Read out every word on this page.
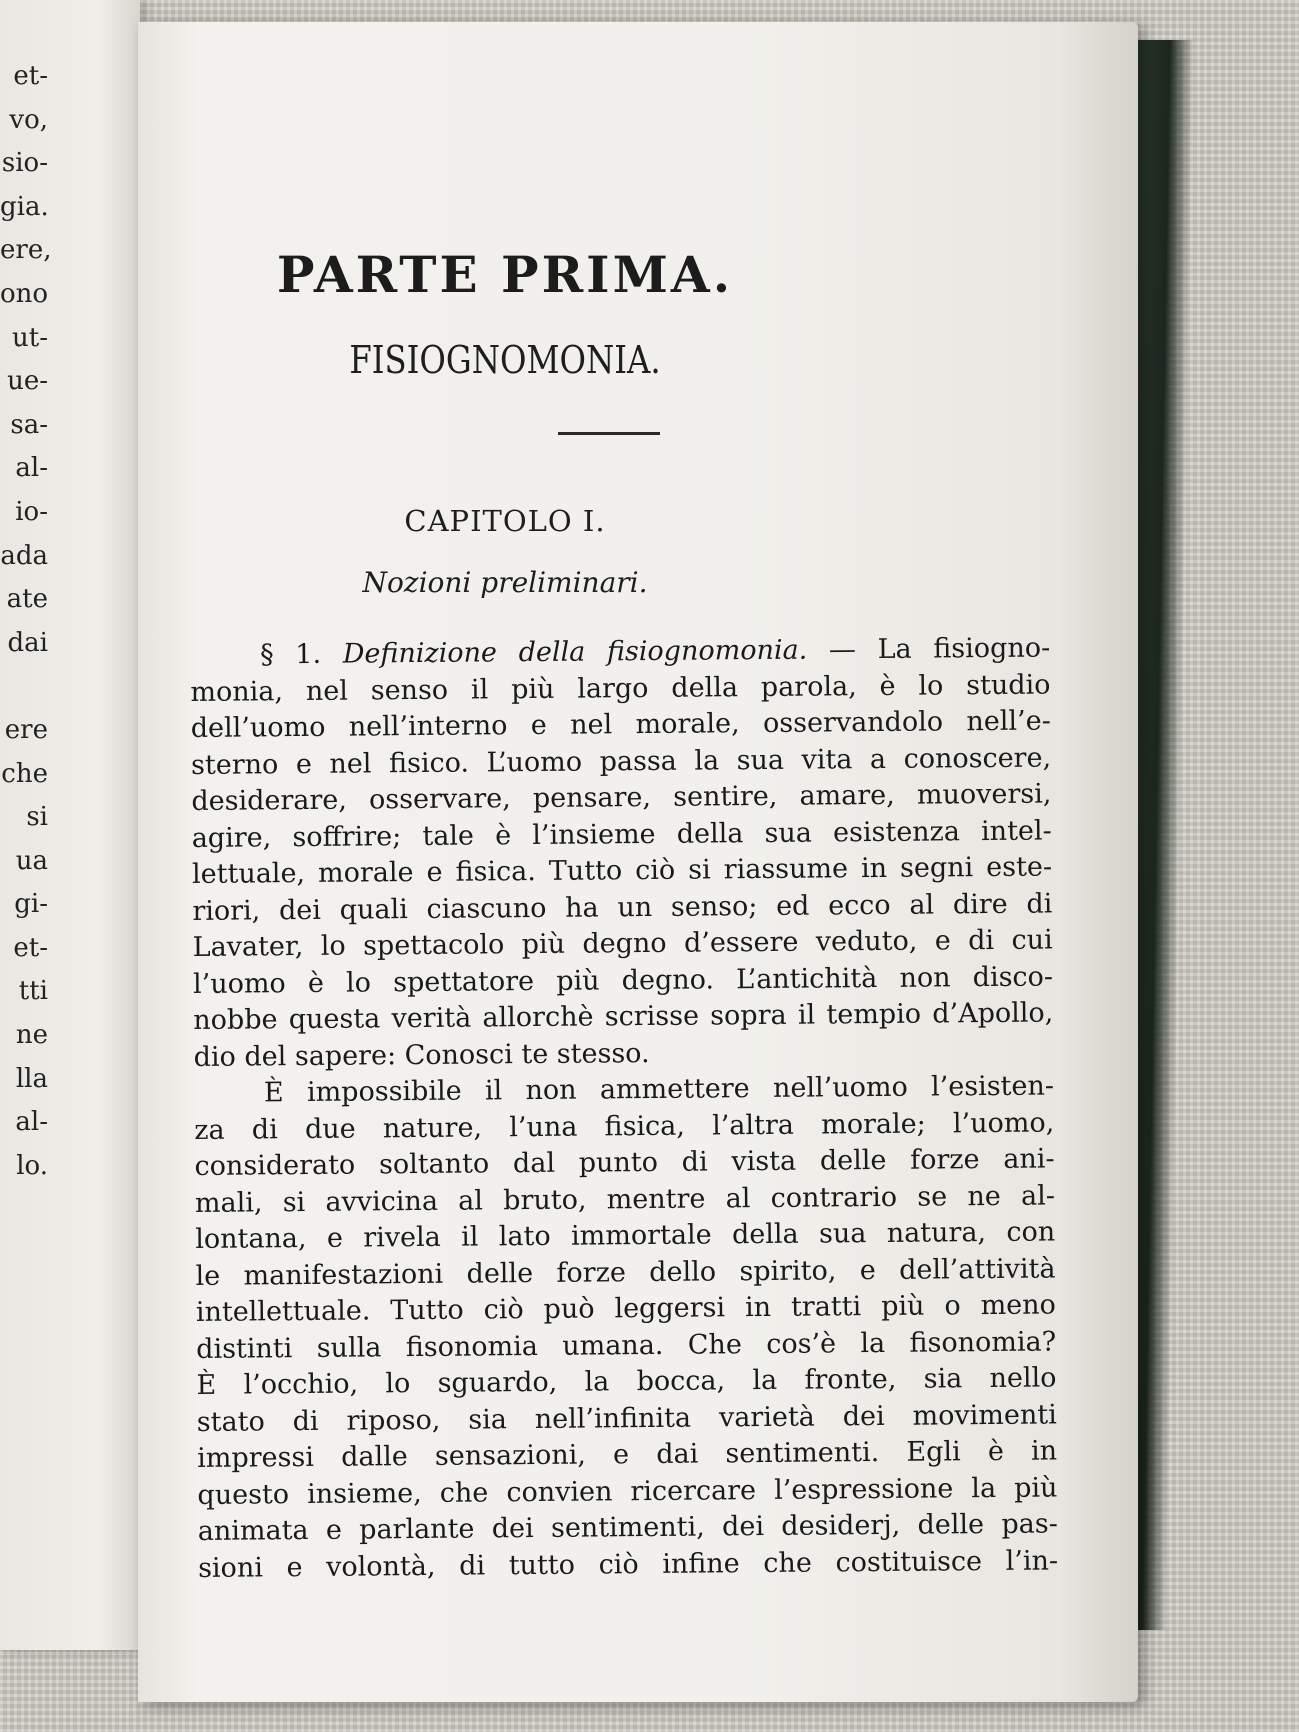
et-
vo,
sio-
gia.
ere,
ono
ut-
ue-
sa-
al-
io-
ada
ate
dai
ere
che
si
ua
gi-
et-
tti
ne
lla
al-
lo.
PARTE PRIMA.
FISIOGNOMONIA.
CAPITOLO I.
Nozioni preliminari.
§ 1. Definizione della fisiognomonia. — La fisiogno-
monia, nel senso il più largo della parola, è lo studio
dell’uomo nell’interno e nel morale, osservandolo nell’e-
sterno e nel fisico. L’uomo passa la sua vita a conoscere,
desiderare, osservare, pensare, sentire, amare, muoversi,
agire, soffrire; tale è l’insieme della sua esistenza intel-
lettuale, morale e fisica. Tutto ciò si riassume in segni este-
riori, dei quali ciascuno ha un senso; ed ecco al dire di
Lavater, lo spettacolo più degno d’essere veduto, e di cui
l’uomo è lo spettatore più degno. L’antichità non disco-
nobbe questa verità allorchè scrisse sopra il tempio d’Apollo,
dio del sapere: Conosci te stesso.
È impossibile il non ammettere nell’uomo l’esisten-
za di due nature, l’una fisica, l’altra morale; l’uomo,
considerato soltanto dal punto di vista delle forze ani-
mali, si avvicina al bruto, mentre al contrario se ne al-
lontana, e rivela il lato immortale della sua natura, con
le manifestazioni delle forze dello spirito, e dell’attività
intellettuale. Tutto ciò può leggersi in tratti più o meno
distinti sulla fisonomia umana. Che cos’è la fisonomia?
È l’occhio, lo sguardo, la bocca, la fronte, sia nello
stato di riposo, sia nell’infinita varietà dei movimenti
impressi dalle sensazioni, e dai sentimenti. Egli è in
questo insieme, che convien ricercare l’espressione la più
animata e parlante dei sentimenti, dei desiderj, delle pas-
sioni e volontà, di tutto ciò infine che costituisce l’in-
